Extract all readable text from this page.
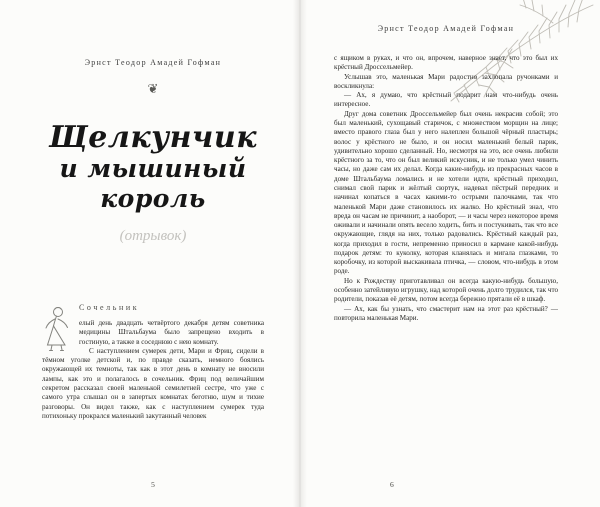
Эрнст Теодор Амадей Гофман
❦
Щелкунчик
и мышиный король
(отрывок)
Сочельник

елый день двадцать четвёртого декабря детям советника медицины Штальбаума было запрещено входить в гостиную, а также в соседнюю с нею комнату.

С наступлением сумерек дети, Мари и Фриц, сидели в тёмном уголке детской и, по правде сказать, немного боялись окружающей их темноты, так как в этот день в комнату не вносили лампы, как это и полагалось в сочельник. Фриц под величайшим секретом рассказал своей маленькой семилетней сестре, что уже с самого утра слышал он в запертых комнатах беготню, шум и тихие разговоры. Он видел также, как с наступлением сумерек туда потихоньку прокрался маленький закутанный человек

5
Эрнст Теодор Амадей Гофман

с ящиком в руках, и что он, впрочем, наверное знает, что это был их крёстный Дроссельмейер.

Услышав это, маленькая Мари радостно захлопала ручонками и воскликнула:

— Ах, я думаю, что крёстный подарит нам что-нибудь очень интересное.

Друг дома советник Дроссельмейер был очень некрасив собой; это был маленький, сухощавый старичок, с множеством морщин на лице; вместо правого глаза был у него налеплен большой чёрный пластырь; волос у крёстного не было, и он носил маленький белый парик, удивительно хорошо сделанный. Но, несмотря на это, все очень любили крёстного за то, что он был великий искусник, и не только умел чинить часы, но даже сам их делал. Когда какие-нибудь из прекрасных часов в доме Штальбаума ломались и не хотели идти, крёстный приходил, снимал свой парик и жёлтый сюртук, надевал пёстрый передник и начинал копаться в часах какими-то острыми палочками, так что маленькой Мари даже становилось их жалко. Но крёстный знал, что вреда он часам не причинит, а наоборот, — и часы через некоторое время оживали и начинали опять весело ходить, бить и постукивать, так что все окружающие, глядя на них, только радовались. Крёстный каждый раз, когда приходил в гости, непременно приносил в кармане какой-нибудь подарок детям: то куколку, которая кланялась и мигала глазками, то коробочку, из которой выскакивала птичка, — словом, что-нибудь в этом роде.

Но к Рождеству приготавливал он всегда какую-нибудь большую, особенно затейливую игрушку, над которой очень долго трудился, так что родители, показав её детям, потом всегда бережно прятали её в шкаф.

— Ах, как бы узнать, что смастерит нам на этот раз крёстный? — повторила маленькая Мари.

6
